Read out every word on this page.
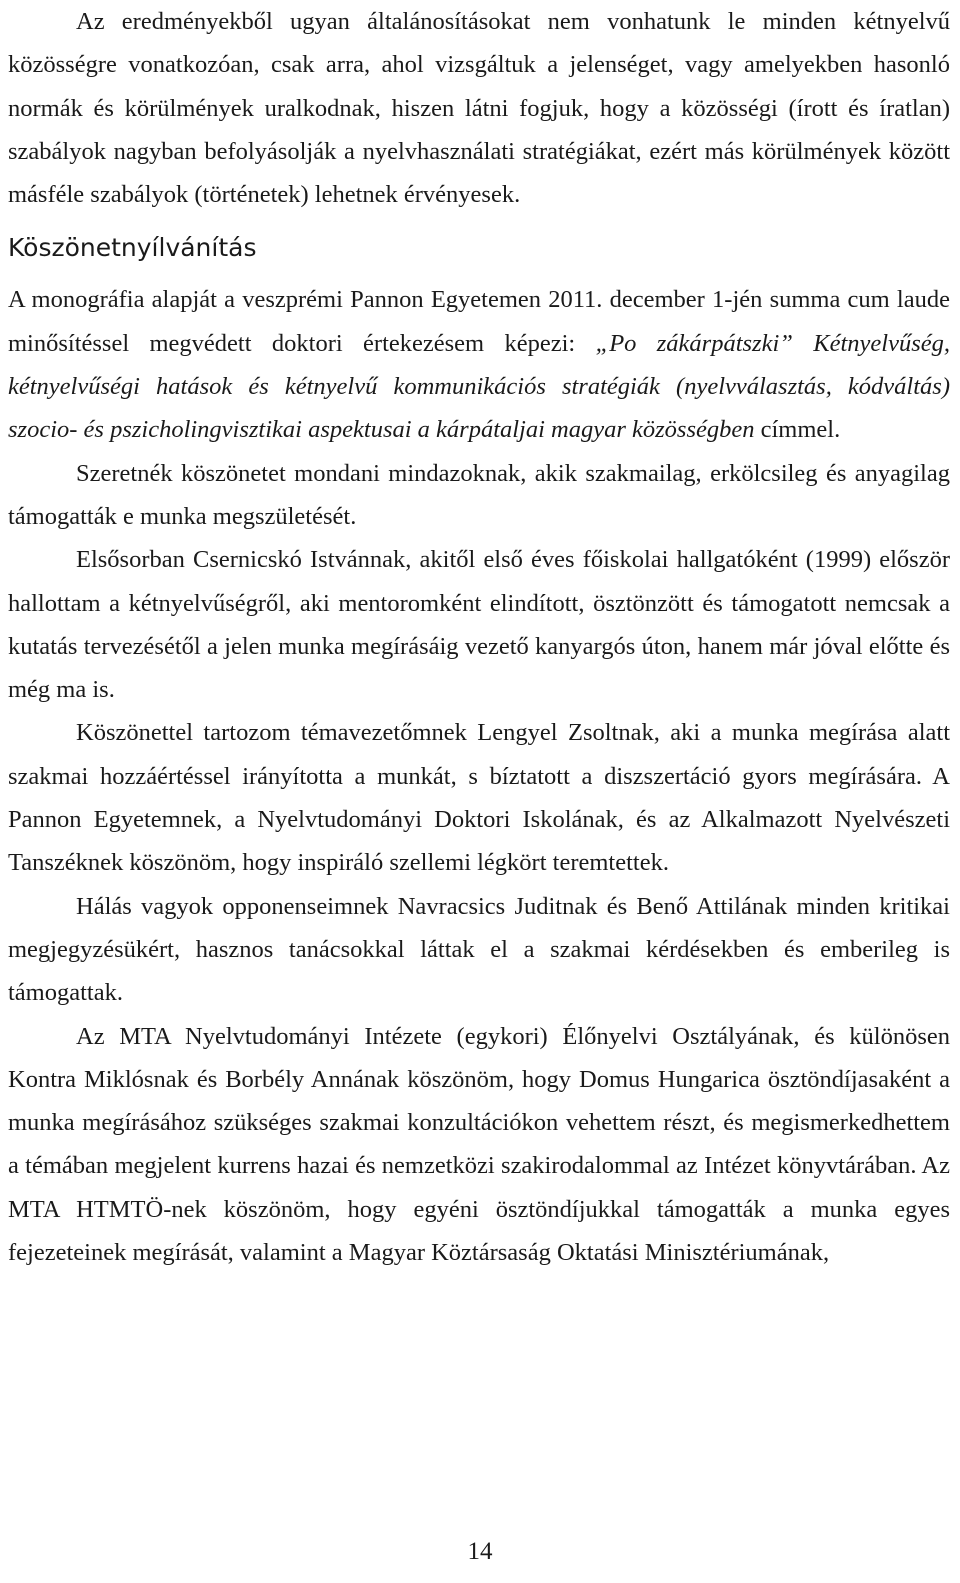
Az eredményekből ugyan általánosításokat nem vonhatunk le minden kétnyelvű közösségre vonatkozóan, csak arra, ahol vizsgáltuk a jelenséget, vagy amelyekben hasonló normák és körülmények uralkodnak, hiszen látni fogjuk, hogy a közösségi (írott és íratlan) szabályok nagyban befolyásolják a nyelvhasználati stratégiákat, ezért más körülmények között másféle szabályok (történetek) lehetnek érvényesek.

Köszönetnyílvánítás

A monográfia alapját a veszprémi Pannon Egyetemen 2011. december 1-jén summa cum laude minősítéssel megvédett doktori értekezésem képezi: „Po zákárpátszki” Kétnyelvűség, kétnyelvűségi hatások és kétnyelvű kommunikációs stratégiák (nyelvválasztás, kódváltás) szocio- és pszicholingvisztikai aspektusai a kárpátaljai magyar közösségben címmel.

Szeretnék köszönetet mondani mindazoknak, akik szakmailag, erkölcsileg és anyagilag támogatták e munka megszületését.

Elsősorban Csernicskó Istvánnak, akitől első éves főiskolai hallgatóként (1999) először hallottam a kétnyelvűségről, aki mentoromként elindított, ösztönzött és támogatott nemcsak a kutatás tervezésétől a jelen munka megírásáig vezető kanyargós úton, hanem már jóval előtte és még ma is.

Köszönettel tartozom témavezetőmnek Lengyel Zsoltnak, aki a munka megírása alatt szakmai hozzáértéssel irányította a munkát, s bíztatott a diszszertáció gyors megírására. A Pannon Egyetemnek, a Nyelvtudományi Doktori Iskolának, és az Alkalmazott Nyelvészeti Tanszéknek köszönöm, hogy inspiráló szellemi légkört teremtettek.

Hálás vagyok opponenseimnek Navracsics Juditnak és Benő Attilának minden kritikai megjegyzésükért, hasznos tanácsokkal láttak el a szakmai kérdésekben és emberileg is támogattak.

Az MTA Nyelvtudományi Intézete (egykori) Élőnyelvi Osztályának, és különösen Kontra Miklósnak és Borbély Annának köszönöm, hogy Domus Hungarica ösztöndíjasaként a munka megírásához szükséges szakmai konzultációkon vehettem részt, és megismerkedhettem a témában megjelent kurrens hazai és nemzetközi szakirodalommal az Intézet könyvtárában. Az MTA HTMTÖ-nek köszönöm, hogy egyéni ösztöndíjukkal támogatták a munka egyes fejezeteinek megírását, valamint a Magyar Köztársaság Oktatási Minisztériumának,

14
